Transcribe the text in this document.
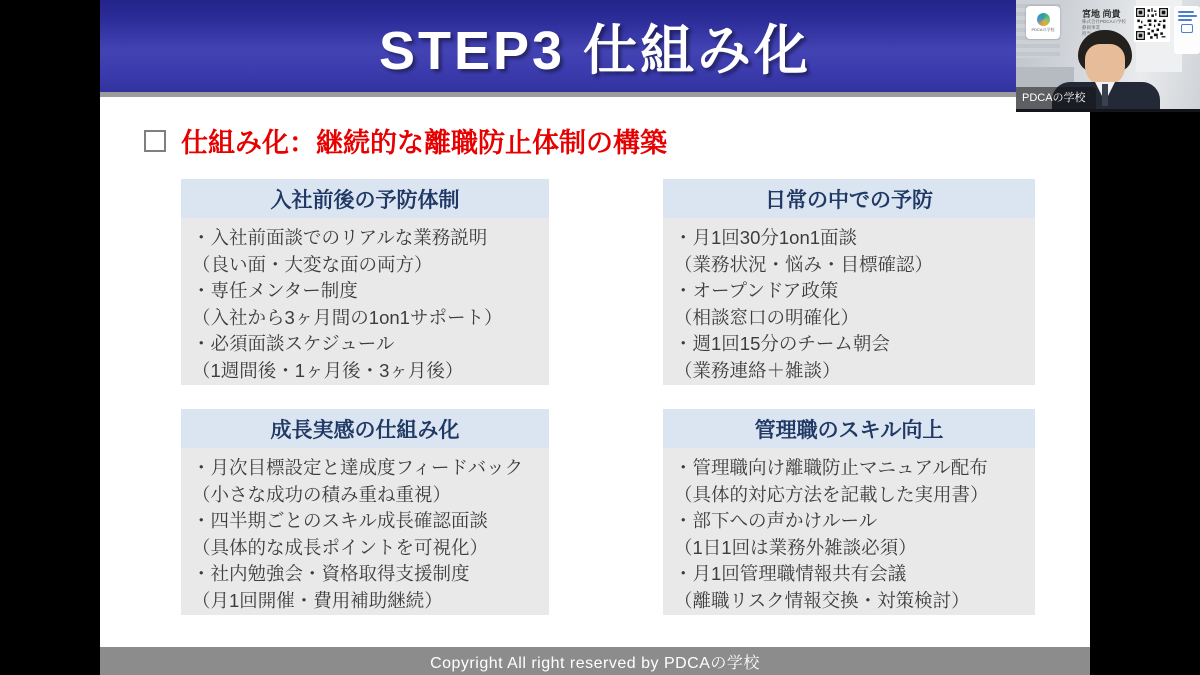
STEP3 仕組み化
仕組み化：継続的な離職防止体制の構築
入社前後の予防体制
・入社前面談でのリアルな業務説明
（良い面・大変な面の両方）
・専任メンター制度
（入社から3ヶ月間の1on1サポート）
・必須面談スケジュール
（1週間後・1ヶ月後・3ヶ月後）
日常の中での予防
・月1回30分1on1面談
（業務状況・悩み・目標確認）
・オープンドア政策
（相談窓口の明確化）
・週1回15分のチーム朝会
（業務連絡＋雑談）
成長実感の仕組み化
・月次目標設定と達成度フィードバック
（小さな成功の積み重ね重視）
・四半期ごとのスキル成長確認面談
（具体的な成長ポイントを可視化）
・社内勉強会・資格取得支援制度
（月1回開催・費用補助継続）
管理職のスキル向上
・管理職向け離職防止マニュアル配布
（具体的対応方法を記載した実用書）
・部下への声かけルール
（1日1回は業務外雑談必須）
・月1回管理職情報共有会議
（離職リスク情報交換・対策検討）
Copyright All right reserved by PDCAの学校
PDCAの学校
宮地 尚貴
株式会社PDCAの学校
静岡事業
担当
PDCAの学校
